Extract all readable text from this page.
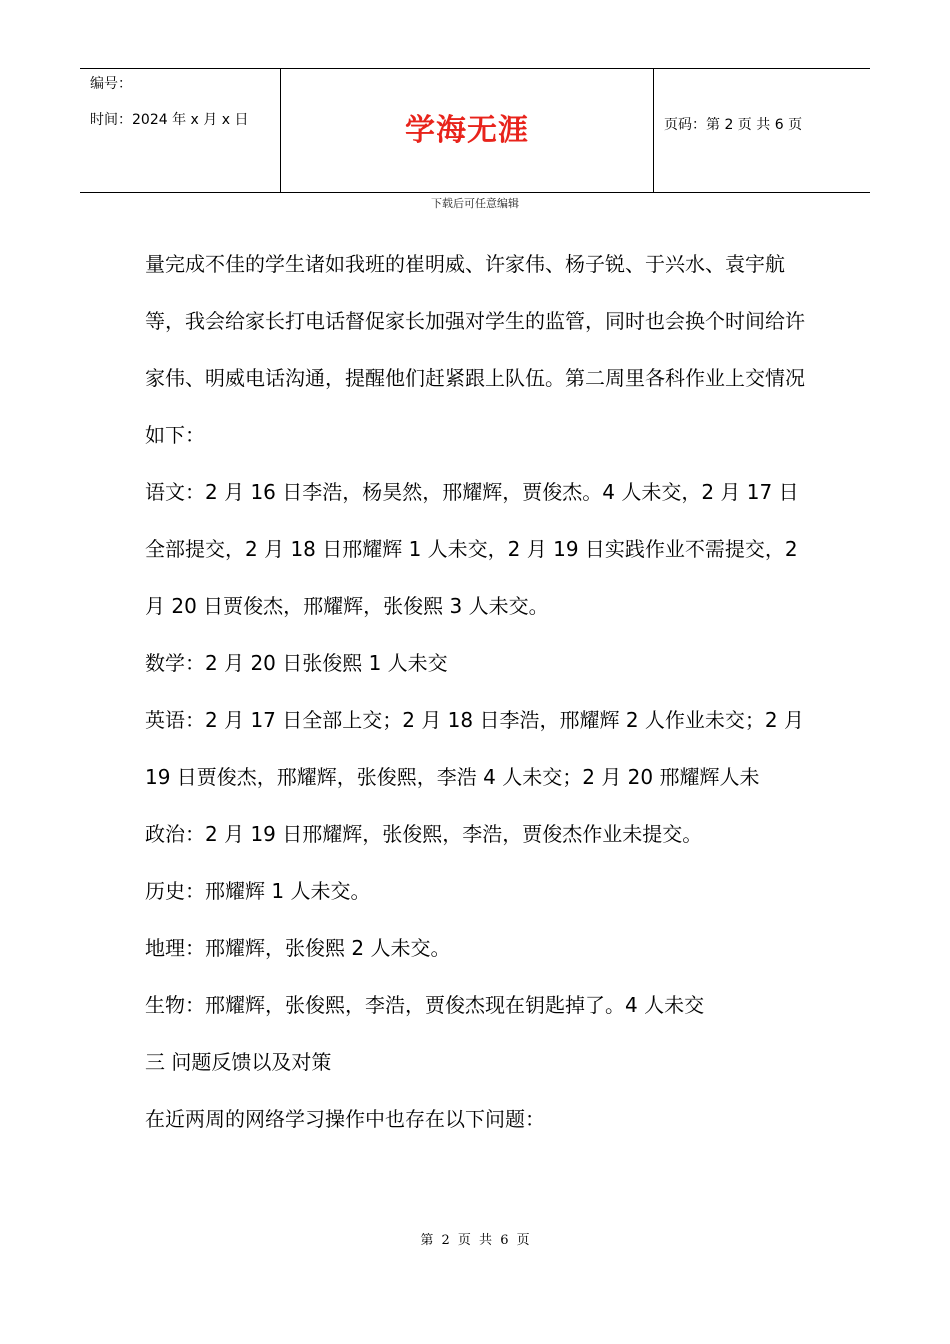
编号：
时间：2024 年 x 月 x 日	学海无涯	页码：第 2 页 共 6 页
下载后可任意编辑

量完成不佳的学生诸如我班的崔明威、许家伟、杨子锐、于兴水、袁宇航等，我会给家长打电话督促家长加强对学生的监管，同时也会换个时间给许家伟、明威电话沟通，提醒他们赶紧跟上队伍。第二周里各科作业上交情况如下：

语文：2 月 16 日李浩，杨昊然，邢耀辉，贾俊杰。4 人未交，2 月 17 日全部提交，2 月 18 日邢耀辉 1 人未交，2 月 19 日实践作业不需提交，2 月 20 日贾俊杰，邢耀辉，张俊熙 3 人未交。

数学：2 月 20 日张俊熙 1 人未交

英语：2 月 17 日全部上交；2 月 18 日李浩，邢耀辉 2 人作业未交；2 月 19 日贾俊杰，邢耀辉，张俊熙，李浩 4 人未交；2 月 20 邢耀辉人未

政治：2 月 19 日邢耀辉，张俊熙，李浩，贾俊杰作业未提交。

历史：邢耀辉 1 人未交。

地理：邢耀辉，张俊熙 2 人未交。

生物：邢耀辉，张俊熙，李浩，贾俊杰现在钥匙掉了。4 人未交

三 问题反馈以及对策

在近两周的网络学习操作中也存在以下问题：

第 2 页 共 6 页
